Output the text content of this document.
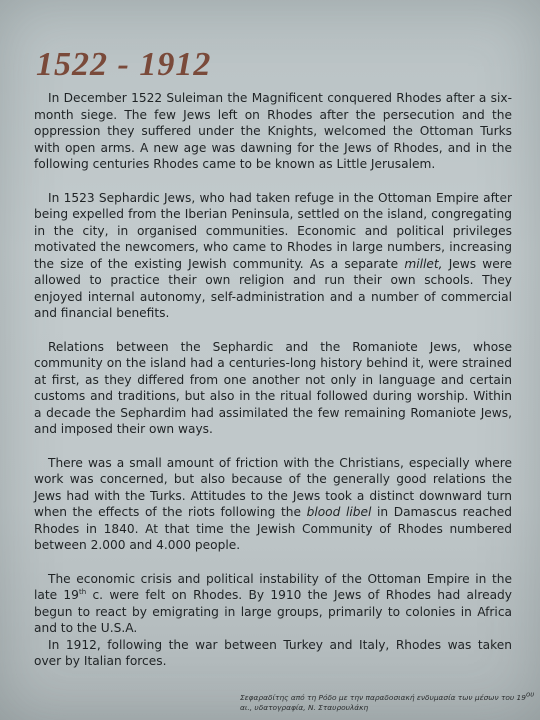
1522 - 1912

In December 1522 Suleiman the Magnificent conquered Rhodes after a six-month siege. The few Jews left on Rhodes after the persecution and the oppression they suffered under the Knights, welcomed the Ottoman Turks with open arms. A new age was dawning for the Jews of Rhodes, and in the following centuries Rhodes came to be known as Little Jerusalem.

In 1523 Sephardic Jews, who had taken refuge in the Ottoman Empire after being expelled from the Iberian Peninsula, settled on the island, congregating in the city, in organised communities. Economic and political privileges motivated the newcomers, who came to Rhodes in large numbers, increasing the size of the existing Jewish community. As a separate millet, Jews were allowed to practice their own religion and run their own schools. They enjoyed internal autonomy, self-administration and a number of commercial and financial benefits.

Relations between the Sephardic and the Romaniote Jews, whose community on the island had a centuries-long history behind it, were strained at first, as they differed from one another not only in language and certain customs and traditions, but also in the ritual followed during worship. Within a decade the Sephardim had assimilated the few remaining Romaniote Jews, and imposed their own ways.

There was a small amount of friction with the Christians, especially where work was concerned, but also because of the generally good relations the Jews had with the Turks. Attitudes to the Jews took a distinct downward turn when the effects of the riots following the blood libel in Damascus reached Rhodes in 1840. At that time the Jewish Community of Rhodes numbered between 2.000 and 4.000 people.

The economic crisis and political instability of the Ottoman Empire in the late 19th c. were felt on Rhodes. By 1910 the Jews of Rhodes had already begun to react by emigrating in large groups, primarily to colonies in Africa and to the U.S.A.

In 1912, following the war between Turkey and Italy, Rhodes was taken over by Italian forces.

Σεφαραδίτης από τη Ρόδο με την παραδοσιακή ενδυμασία των μέσων του $19^{o\upsilon}$
αι., υδατογραφία, Ν. Σταυρουλάκη
